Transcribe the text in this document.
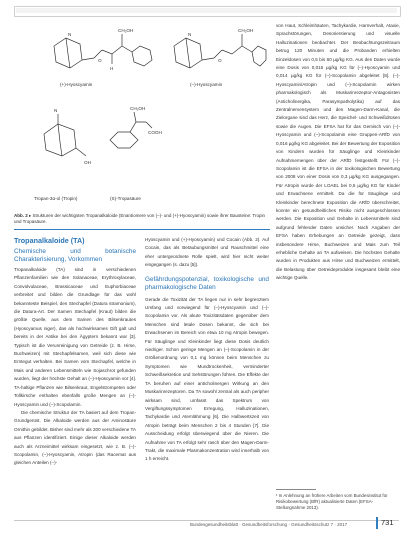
N
O
CH₂OH
H
N
O
CH₂OH
N
OH
CH₂OH
COOH
(+)-Hyoscyamin	(–)-Hyoscyamin
Tropan-3α-ol (Tropin)	(S)-Tropasäure
Abb. 2 ▸ Strukturen der wichtigsten Tropanalkaloide (Enantiomere von (–)- und (+)-Hyoscyamin) sowie ihrer Bausteine: Tropin und Tropasäure.
Tropanalkaloide (TA)
Chemische und botanische Charakterisierung, Vorkommen

Tropanalkaloide (TA) sind in verschiedenen Pflanzenfamilien wie den Solanaceae, Erythroxylaceae, Convolvulaceae, Brassicaceae und Euphorbiaceae verbreitet und bilden die Grundlage für das wohl bekannteste Beispiel, den Stechapfel (Datura stramonium), die Datura-Art. Der Samen Stechapfel (Kraut) bilden die größte Quelle, aus dem Samen des Bilsenkrautes (Hyoscyamus niger), das als hochwirksames Gift galt und bereits in der Antike bei den Ägyptern bekannt war [3]. Typisch ist die Verunreinigung von Getreide (z. B. Hirse, Buchweizen) mit Stechapfelsamen, weil sich diese wie Erntegut verhalten. Bei Samen vom Stechapfel, welche in Mais und anderen Lebensmitteln wie Sojaschrot gefunden wurden, liegt der höchste Gehalt an (–)-Hyoscyamin vor [4]. TA-haltige Pflanzen wie Bilsenkraut, Engelstrompeten oder Tollkirsche enthalten ebenfalls große Mengen an (–)-Hyoscyamin und (–)-Scopolamin.

Die chemische Struktur der TA basiert auf dem Tropan-Grundgerüst. Die Alkaloide werden aus der Aminosäure Ornithin gebildet. Bisher sind mehr als 200 verschiedene TA aus Pflanzen identifiziert. Einige dieser Alkaloide werden auch als Arzneimittel wirksam eingesetzt, wie z. B. (–)-Scopolamin, (–)-Hyoscyamin, Atropin (das Racemat aus gleichen Anteilen (–)-

Hyoscyamin und (+)-Hyoscyamin) und Cocain (Abb. 2). Auf Cocain, das als Betäubungsmittel und Rauschmittel eine eher untergeordnete Rolle spielt, wird hier nicht weiter eingegangen (s. dazu [5]).

Gefährdungspotenzial, toxikologische und pharmakologische Daten

Gerade die Toxizität der TA liegen nur in sehr begrenztem Umfang und vorwiegend für (–)-Hyoscyamin und (–)-Scopolamin vor. Als akute Toxizitätsdaten gegenüber dem Menschen sind letale Dosen bekannt, die sich bei Erwachsenen im Bereich von etwa 10 mg Atropin bewegen. Für Säuglinge und Kleinkinder liegt diese Dosis deutlich niedriger. Schon geringe Mengen an (–)-Scopolamin in der Größenordnung von 0,1 mg können beim Menschen zu Symptomen wie Mundtrockenheit, verminderter Schweißsekretion und Sehstörungen führen. Die Effekte der TA beruhen auf einer anticholinergen Wirkung an den Muskarinrezeptoren. Da TA sowohl zentral als auch peripher wirksam sind, umfasst das Spektrum von Vergiftungssymptomen Erregung, Halluzinationen, Tachykardie und Atemlähmung [6]. Die Halbwertszeit von Atropin beträgt beim Menschen 2 bis 4 Stunden [7]. Die Ausscheidung erfolgt überwiegend über die Nieren. Die Aufnahme von TA erfolgt sehr rasch über den Magen-Darm-Trakt, die maximale Plasmakonzentration wird innerhalb von 1 h erreicht.

von Haut, Schleimhäuten, Tachykardie, Harnverhalt, Ataxie, Sprachstörungen, Desorientierung und visuelle Halluzinationen beobachtet. Der Beobachtungszeitraum betrug 120 Minuten und die Probanden erhielten Einzeldosen von 0,5 bis 60 µg/kg KG. Aus den Daten wurde eine Dosis von 0,016 µg/kg KG für (–)-Hyoscyamin und 0,014 µg/kg KG für (–)-Scopolamin abgeleitet [8]. (–)-Hyoscyamin/Atropin und (–)-Scopolamin wirken pharmakologisch als Muskarinrezeptor-Antagonisten (Anticholinergika, Parasympatholytika) auf das Zentralnervensystem und den Magen-Darm-Kanal, die Zielorgane sind das Herz, die Speichel- und Schweißdrüsen sowie die Augen. Die EFSA hat für das Gemisch von (–)-Hyoscyamin und (–)-Scopolamin eine Gruppen-ARfD von 0,016 µg/kg KG abgeleitet. Bei der Bewertung der Exposition von Kindern wurden für Säuglinge und Kleinkinder Aufnahmemengen über der ARfD festgestellt. Für (–)-Scopolamin ist die EFSA in der toxikologischen Bewertung von 2008 von einer Dosis von 0,3 µg/kg KG ausgegangen. Für Atropin wurde der LOAEL bei 0,5 µg/kg KG für Kinder und Erwachsene ermittelt. Da die für Säuglinge und Kleinkinder berechnete Exposition die ARfD überschreitet, konnte ein gesundheitliches Risiko nicht ausgeschlossen werden. Die Exposition und Gehalte in Lebensmitteln sind aufgrund fehlender Daten unsicher. Nach Angaben der EFSA haben Erhebungen an Getreide gezeigt, dass insbesondere Hirse, Buchweizen und Mais zum Teil erhebliche Gehalte an TA aufweisen. Die höchsten Gehalte wurden in Produkten aus Hirse und Buchweizen ermittelt, die Belastung über Getreideprodukte insgesamt bleibt eine wichtige Quelle.

¹ In Anlehnung an frühere Arbeiten vom Bundesinstitut für Risikobewertung (BfR) aktualisierte Daten (EFSA-Stellungnahme 2013).
Bundesgesundheitsblatt · Gesundheitsforschung · Gesundheitsschutz 7 · 2017	731
